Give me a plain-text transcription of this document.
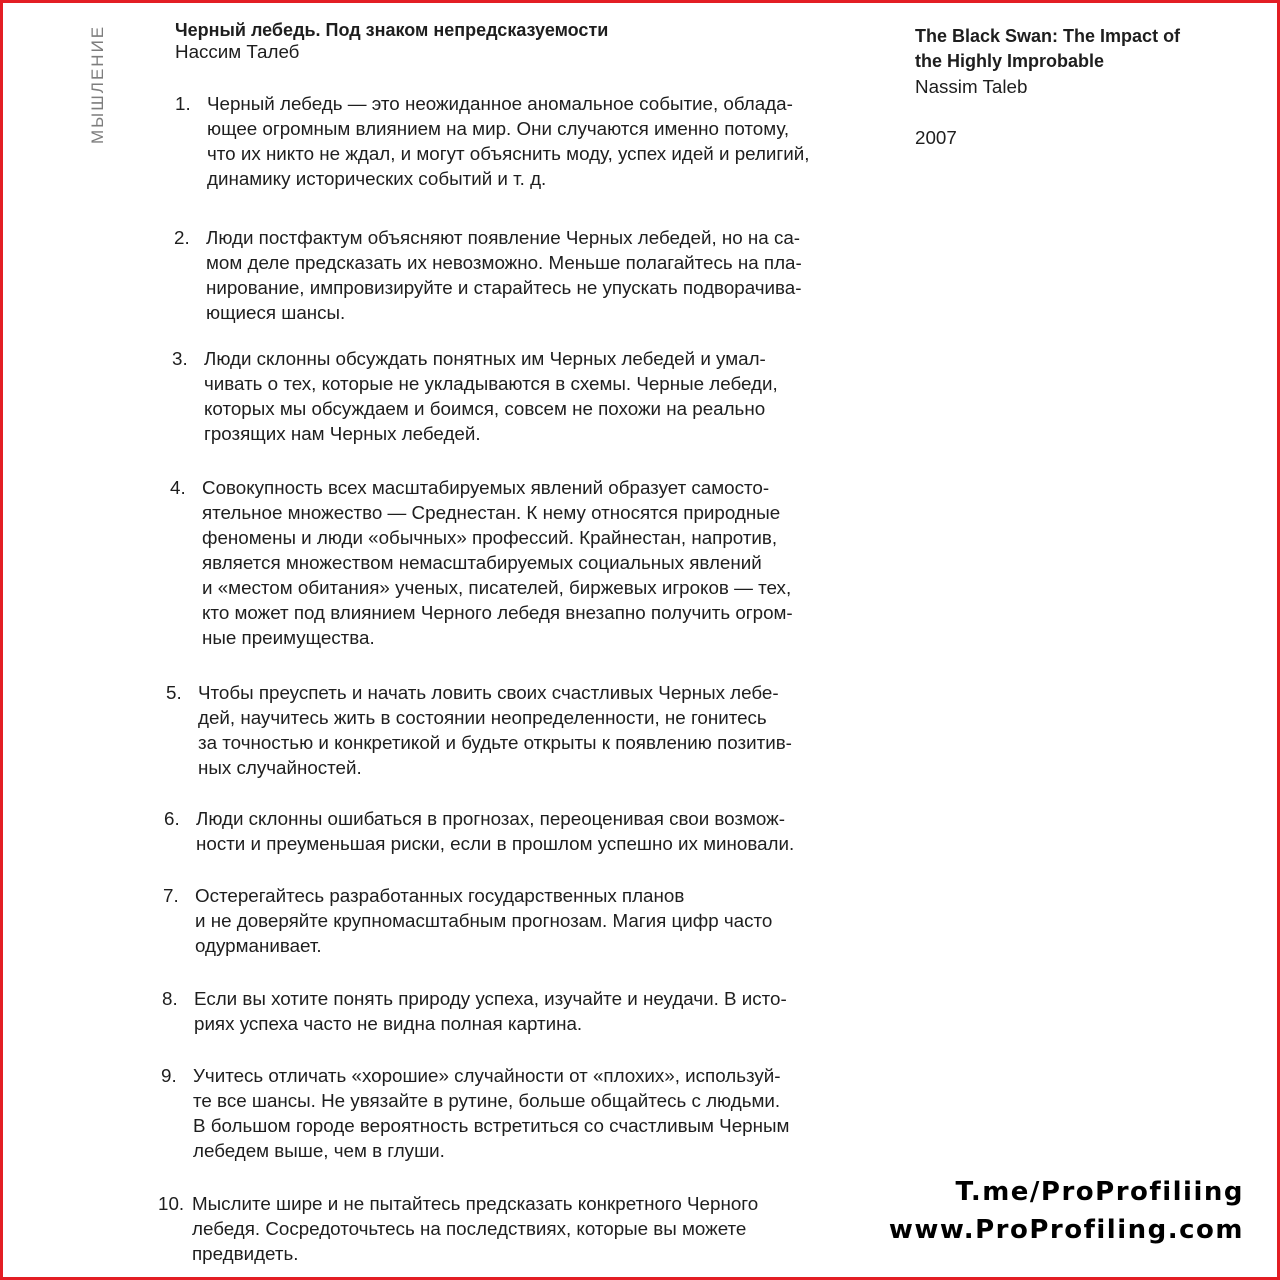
МЫШЛЕНИЕ	Черный лебедь. Под знаком непредсказуемости
Нассим Талеб
The Black Swan: The Impact of
the Highly Improbable
Nassim Taleb
2007
1. Черный лебедь — это неожиданное аномальное событие, облада-
ющее огромным влиянием на мир. Они случаются именно потому,
что их никто не ждал, и могут объяснить моду, успех идей и религий,
динамику исторических событий и т. д.
2. Люди постфактум объясняют появление Черных лебедей, но на са-
мом деле предсказать их невозможно. Меньше полагайтесь на пла-
нирование, импровизируйте и старайтесь не упускать подворачива-
ющиеся шансы.
3. Люди склонны обсуждать понятных им Черных лебедей и умал-
чивать о тех, которые не укладываются в схемы. Черные лебеди,
которых мы обсуждаем и боимся, совсем не похожи на реально
грозящих нам Черных лебедей.
4. Совокупность всех масштабируемых явлений образует самосто-
ятельное множество — Среднестан. К нему относятся природные
феномены и люди «обычных» профессий. Крайнестан, напротив,
является множеством немасштабируемых социальных явлений
и «местом обитания» ученых, писателей, биржевых игроков — тех,
кто может под влиянием Черного лебедя внезапно получить огром-
ные преимущества.
5. Чтобы преуспеть и начать ловить своих счастливых Черных лебе-
дей, научитесь жить в состоянии неопределенности, не гонитесь
за точностью и конкретикой и будьте открыты к появлению позитив-
ных случайностей.
6. Люди склонны ошибаться в прогнозах, переоценивая свои возмож-
ности и преуменьшая риски, если в прошлом успешно их миновали.
7. Остерегайтесь разработанных государственных планов
и не доверяйте крупномасштабным прогнозам. Магия цифр часто
одурманивает.
8. Если вы хотите понять природу успеха, изучайте и неудачи. В исто-
риях успеха часто не видна полная картина.
9. Учитесь отличать «хорошие» случайности от «плохих», используй-
те все шансы. Не увязайте в рутине, больше общайтесь с людьми.
В большом городе вероятность встретиться со счастливым Черным
лебедем выше, чем в глуши.
10. Мыслите шире и не пытайтесь предсказать конкретного Черного
лебедя. Сосредоточьтесь на последствиях, которые вы можете
предвидеть.
T.me/ProProfiliing
www.ProProfiling.com
